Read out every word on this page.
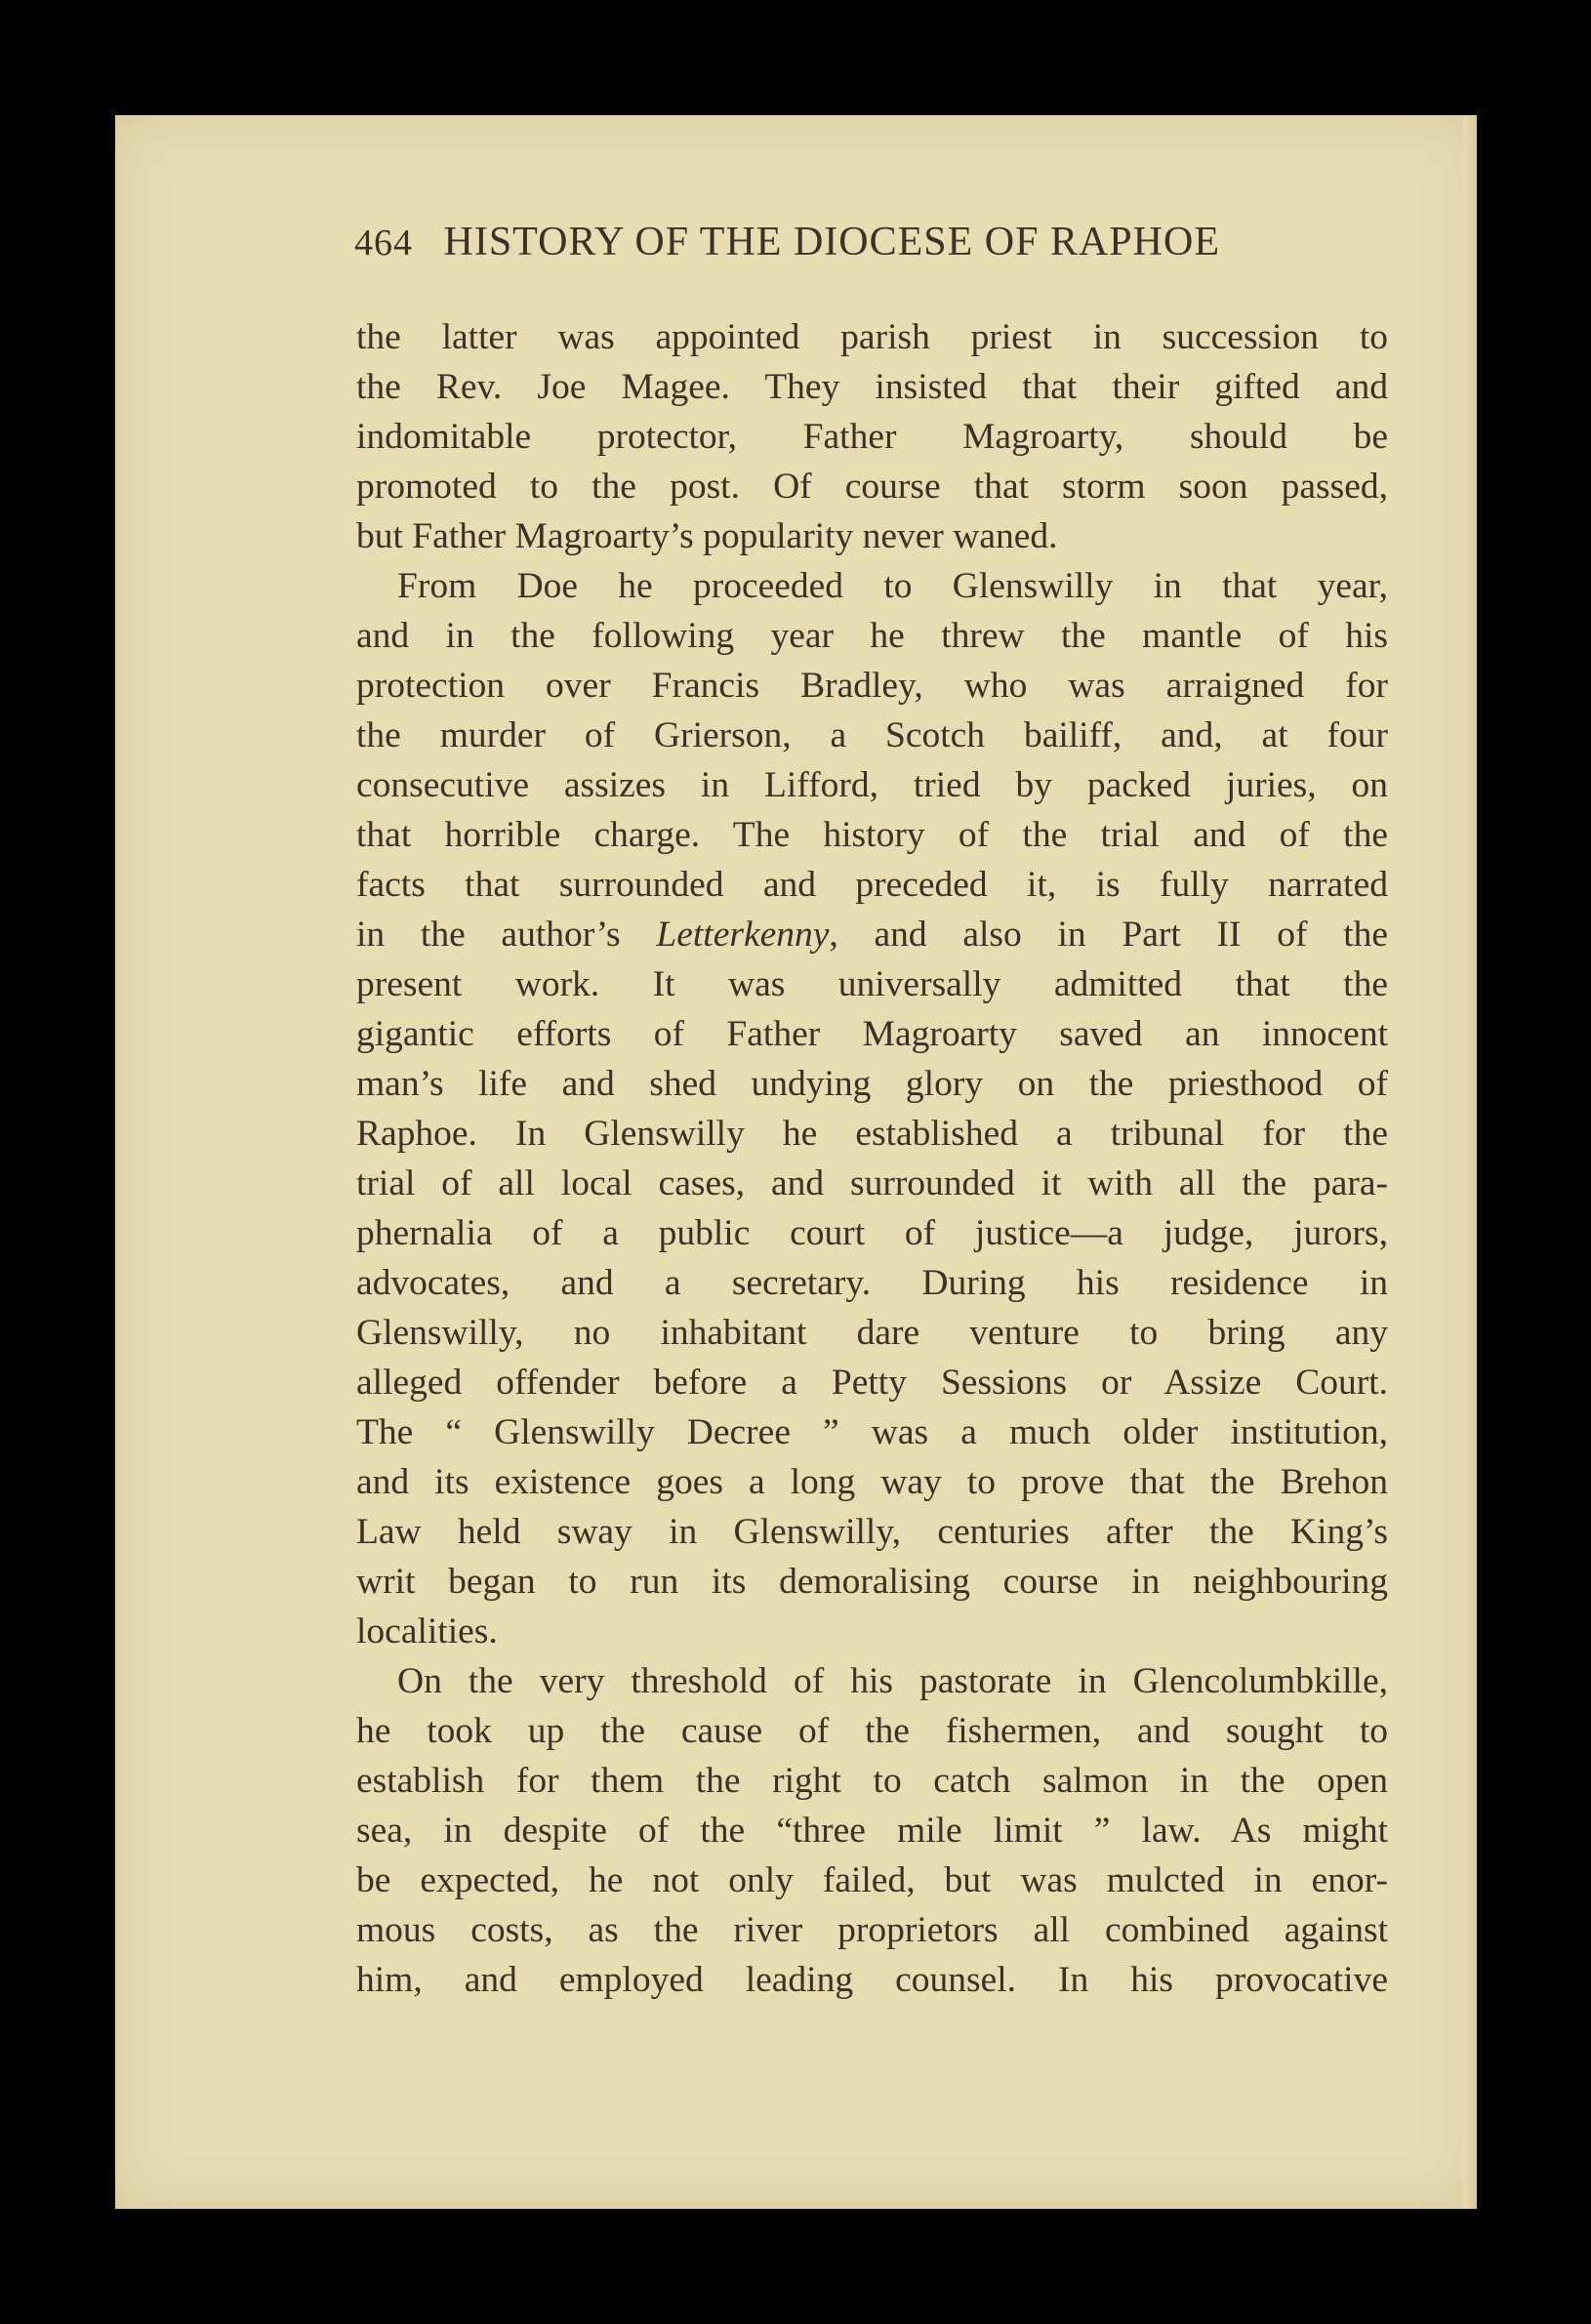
464 HISTORY OF THE DIOCESE OF RAPHOE
the latter was appointed parish priest in succession to
the Rev. Joe Magee. They insisted that their gifted and
indomitable protector, Father Magroarty, should be
promoted to the post. Of course that storm soon passed,
but Father Magroarty’s popularity never waned.
From Doe he proceeded to Glenswilly in that year,
and in the following year he threw the mantle of his
protection over Francis Bradley, who was arraigned for
the murder of Grierson, a Scotch bailiff, and, at four
consecutive assizes in Lifford, tried by packed juries, on
that horrible charge. The history of the trial and of the
facts that surrounded and preceded it, is fully narrated
in the author’s Letterkenny, and also in Part II of the
present work. It was universally admitted that the
gigantic efforts of Father Magroarty saved an innocent
man’s life and shed undying glory on the priesthood of
Raphoe. In Glenswilly he established a tribunal for the
trial of all local cases, and surrounded it with all the para-
phernalia of a public court of justice—a judge, jurors,
advocates, and a secretary. During his residence in
Glenswilly, no inhabitant dare venture to bring any
alleged offender before a Petty Sessions or Assize Court.
The “ Glenswilly Decree ” was a much older institution,
and its existence goes a long way to prove that the Brehon
Law held sway in Glenswilly, centuries after the King’s
writ began to run its demoralising course in neighbouring
localities.
On the very threshold of his pastorate in Glencolumbkille,
he took up the cause of the fishermen, and sought to
establish for them the right to catch salmon in the open
sea, in despite of the “three mile limit ” law. As might
be expected, he not only failed, but was mulcted in enor-
mous costs, as the river proprietors all combined against
him, and employed leading counsel. In his provocative
